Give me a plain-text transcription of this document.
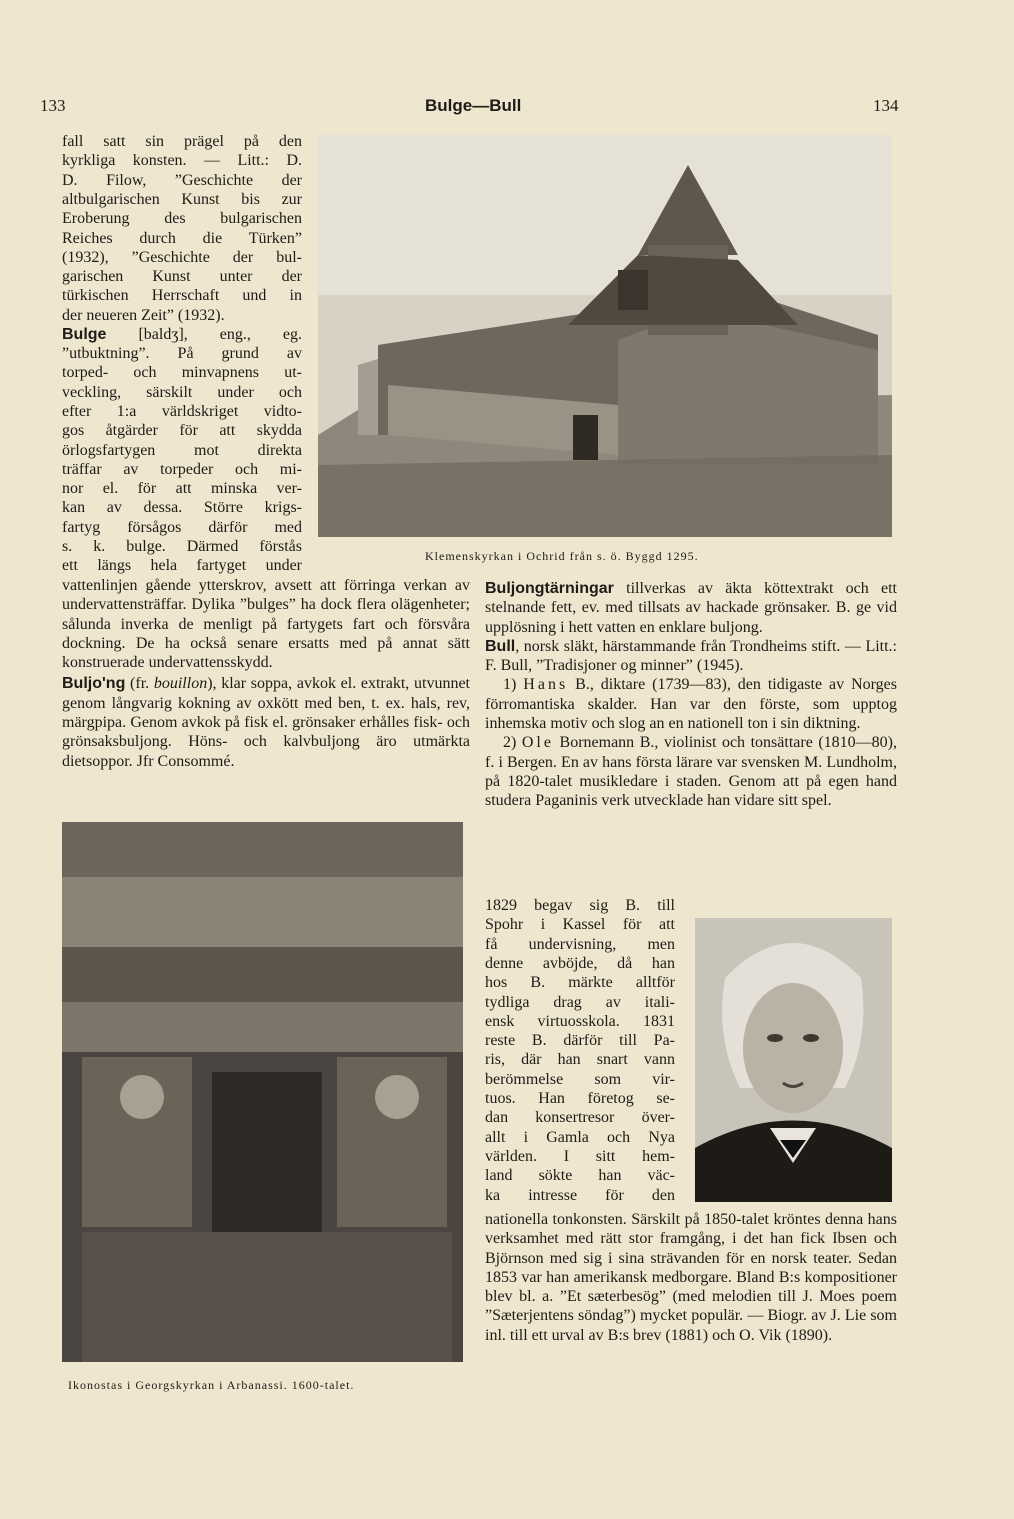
133	Bulge—Bull	134
fall satt sin prägel på den
kyrkliga konsten. — Litt.: D.
D. Filow, ”Geschichte der
altbulgarischen Kunst bis zur
Eroberung des bulgarischen
Reiches durch die Türken”
(1932), ”Geschichte der bul-
garischen Kunst unter der
türkischen Herrschaft und in
der neueren Zeit” (1932).
Bulge [baldʒ], eng., eg.
”utbuktning”. På grund av
torped- och minvapnens ut-
veckling, särskilt under och
efter 1:a världskriget vidto-
gos åtgärder för att skydda
örlogsfartygen mot direkta
träffar av torpeder och mi-
nor el. för att minska ver-
kan av dessa. Större krigs-
fartyg försågos därför med
s. k. bulge. Därmed förstås
ett längs hela fartyget under
Klemenskyrkan i Ochrid från s. ö. Byggd 1295.

vattenlinjen gående ytterskrov, avsett att förringa verkan av undervattensträffar. Dylika ”bulges” ha dock flera olägenheter; sålunda inverka de menligt på fartygets fart och försvåra dockning. De ha också senare ersatts med på annat sätt konstruerade undervattensskydd.

Buljo'ng (fr. bouillon), klar soppa, avkok el. extrakt, utvunnet genom långvarig kokning av oxkött med ben, t. ex. hals, rev, märgpipa. Genom avkok på fisk el. grönsaker erhålles fisk- och grönsaksbuljong. Höns- och kalvbuljong äro utmärkta dietsoppor. Jfr Consommé.

Ikonostas i Georgskyrkan i Arbanassi. 1600-talet.

Buljongtärningar tillverkas av äkta köttextrakt och ett stelnande fett, ev. med tillsats av hackade grönsaker. B. ge vid upplösning i hett vatten en enklare buljong.

Bull, norsk släkt, härstammande från Trondheims stift. — Litt.: F. Bull, ”Tradisjoner og minner” (1945).

1) Hans B., diktare (1739—83), den tidigaste av Norges förromantiska skalder. Han var den förste, som upptog inhemska motiv och slog an en nationell ton i sin diktning.

2) Ole Bornemann B., violinist och tonsättare (1810—80), f. i Bergen. En av hans första lärare var svensken M. Lundholm, på 1820-talet musikledare i staden. Genom att på egen hand studera Paganinis verk utvecklade han vidare sitt spel.

1829 begav sig B. till
Spohr i Kassel för att
få undervisning, men
denne avböjde, då han
hos B. märkte alltför
tydliga drag av itali-
ensk virtuosskola. 1831
reste B. därför till Pa-
ris, där han snart vann
berömmelse som vir-
tuos. Han företog se-
dan konsertresor över-
allt i Gamla och Nya
världen. I sitt hem-
land sökte han väc-
ka intresse för den

nationella tonkonsten. Särskilt på 1850-talet kröntes denna hans verksamhet med rätt stor framgång, i det han fick Ibsen och Björnson med sig i sina strävanden för en norsk teater. Sedan 1853 var han amerikansk medborgare. Bland B:s kompositioner blev bl. a. ”Et sæterbesög” (med melodien till J. Moes poem ”Sæterjentens söndag”) mycket populär. — Biogr. av J. Lie som inl. till ett urval av B:s brev (1881) och O. Vik (1890).
